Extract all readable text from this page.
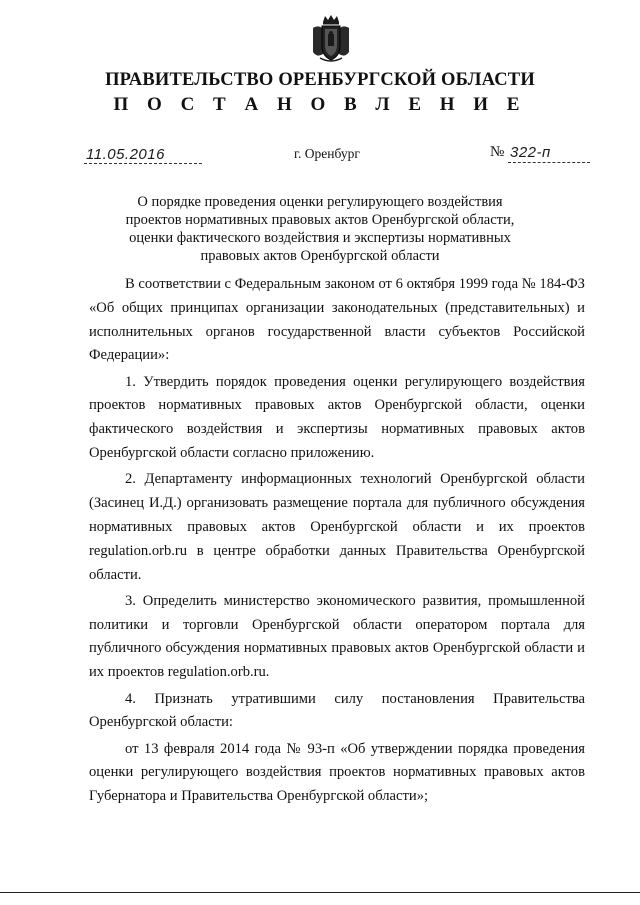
ПРАВИТЕЛЬСТВО ОРЕНБУРГСКОЙ ОБЛАСТИ
П О С Т А Н О В Л Е Н И Е
11.05.2016	г. Оренбург	№ 322-п
О порядке проведения оценки регулирующего воздействия проектов нормативных правовых актов Оренбургской области, оценки фактического воздействия и экспертизы нормативных правовых актов Оренбургской области

В соответствии с Федеральным законом от 6 октября 1999 года № 184-ФЗ «Об общих принципах организации законодательных (представительных) и исполнительных органов государственной власти субъектов Российской Федерации»:

1. Утвердить порядок проведения оценки регулирующего воздействия проектов нормативных правовых актов Оренбургской области, оценки фактического воздействия и экспертизы нормативных правовых актов Оренбургской области согласно приложению.

2. Департаменту информационных технологий Оренбургской области (Засинец И.Д.) организовать размещение портала для публичного обсуждения нормативных правовых актов Оренбургской области и их проектов regulation.orb.ru в центре обработки данных Правительства Оренбургской области.

3. Определить министерство экономического развития, промышленной политики и торговли Оренбургской области оператором портала для публичного обсуждения нормативных правовых актов Оренбургской области и их проектов regulation.orb.ru.

4. Признать утратившими силу постановления Правительства Оренбургской области:

от 13 февраля 2014 года № 93-п «Об утверждении порядка проведения оценки регулирующего воздействия проектов нормативных правовых актов Губернатора и Правительства Оренбургской области»;
